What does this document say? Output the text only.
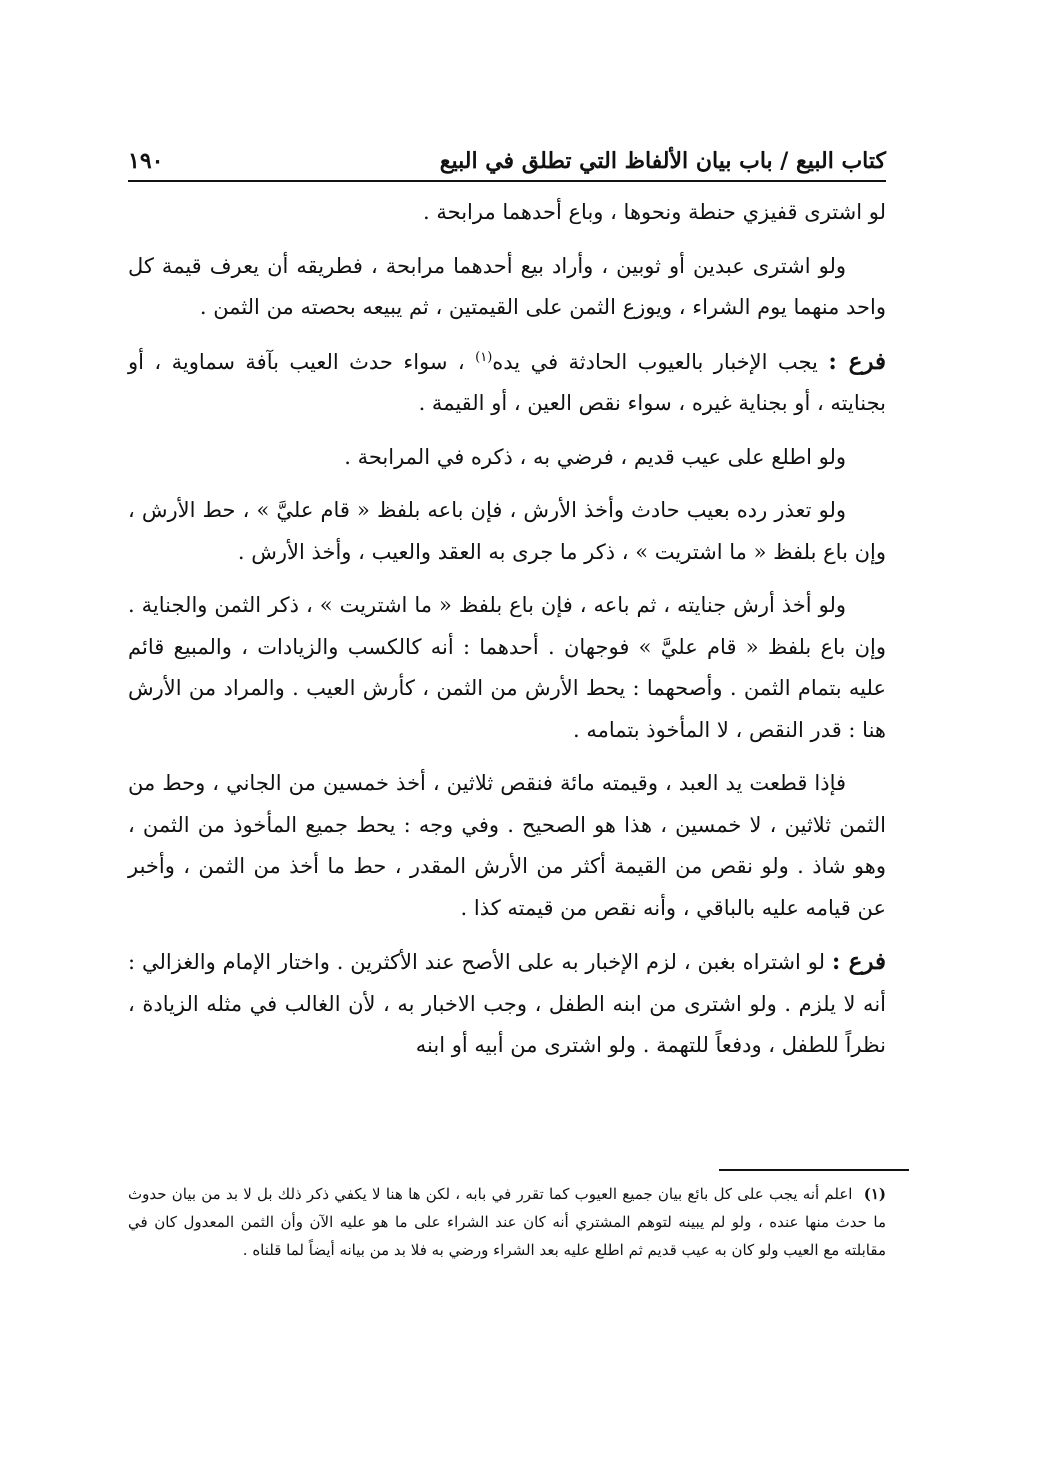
كتاب البيع / باب بيان الألفاظ التي تطلق في البيع
١٩٠

لو اشترى قفيزي حنطة ونحوها ، وباع أحدهما مرابحة .

ولو اشترى عبدين أو ثوبين ، وأراد بيع أحدهما مرابحة ، فطريقه أن يعرف قيمة كل واحد منهما يوم الشراء ، ويوزع الثمن على القيمتين ، ثم يبيعه بحصته من الثمن .

فرع : يجب الإخبار بالعيوب الحادثة في يده$^{(١)}$ ، سواء حدث العيب بآفة سماوية ، أو بجنايته ، أو بجناية غيره ، سواء نقص العين ، أو القيمة .

ولو اطلع على عيب قديم ، فرضي به ، ذكره في المرابحة .

ولو تعذر رده بعيب حادث وأخذ الأرش ، فإن باعه بلفظ « قام عليَّ » ، حط الأرش ، وإن باع بلفظ « ما اشتريت » ، ذكر ما جرى به العقد والعيب ، وأخذ الأرش .

ولو أخذ أرش جنايته ، ثم باعه ، فإن باع بلفظ « ما اشتريت » ، ذكر الثمن والجناية . وإن باع بلفظ « قام عليَّ » فوجهان . أحدهما : أنه كالكسب والزيادات ، والمبيع قائم عليه بتمام الثمن . وأصحهما : يحط الأرش من الثمن ، كأرش العيب . والمراد من الأرش هنا : قدر النقص ، لا المأخوذ بتمامه .

فإذا قطعت يد العبد ، وقيمته مائة فنقص ثلاثين ، أخذ خمسين من الجاني ، وحط من الثمن ثلاثين ، لا خمسين ، هذا هو الصحيح . وفي وجه : يحط جميع المأخوذ من الثمن ، وهو شاذ . ولو نقص من القيمة أكثر من الأرش المقدر ، حط ما أخذ من الثمن ، وأخبر عن قيامه عليه بالباقي ، وأنه نقص من قيمته كذا .

فرع : لو اشتراه بغبن ، لزم الإخبار به على الأصح عند الأكثرين . واختار الإمام والغزالي : أنه لا يلزم . ولو اشترى من ابنه الطفل ، وجب الاخبار به ، لأن الغالب في مثله الزيادة ، نظراً للطفل ، ودفعاً للتهمة . ولو اشترى من أبيه أو ابنه

(١) اعلم أنه يجب على كل بائع بيان جميع العيوب كما تقرر في بابه ، لكن ها هنا لا يكفي ذكر ذلك بل لا بد من بيان حدوث ما حدث منها عنده ، ولو لم يبينه لتوهم المشتري أنه كان عند الشراء على ما هو عليه الآن وأن الثمن المعدول كان في مقابلته مع العيب ولو كان به عيب قديم ثم اطلع عليه بعد الشراء ورضي به فلا بد من بيانه أيضاً لما قلناه .
